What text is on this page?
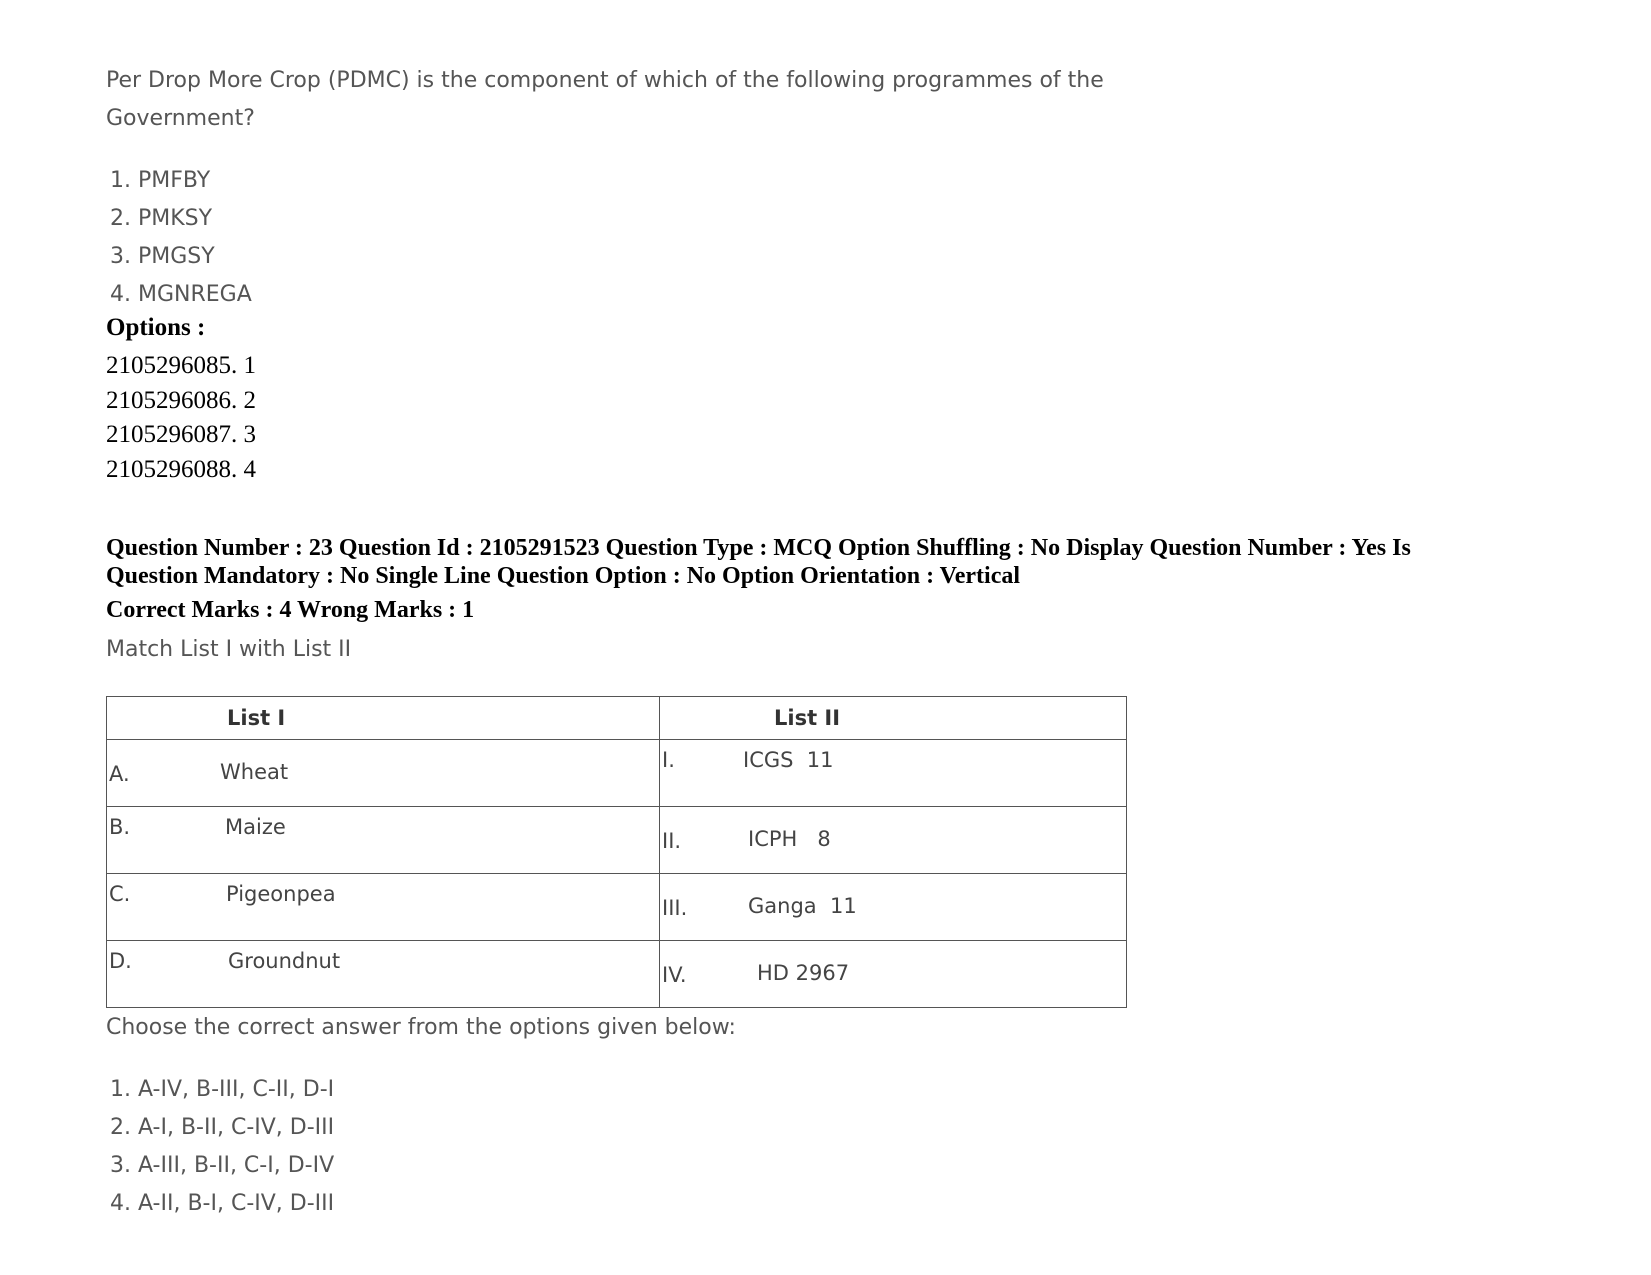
Per Drop More Crop (PDMC) is the component of which of the following programmes of the
Government?
1. PMFBY
2. PMKSY
3. PMGSY
4. MGNREGA
Options :
2105296085. 1
2105296086. 2
2105296087. 3
2105296088. 4
Question Number : 23 Question Id : 2105291523 Question Type : MCQ Option Shuffling : No Display Question Number : Yes Is
Question Mandatory : No Single Line Question Option : No Option Orientation : Vertical
Correct Marks : 4 Wrong Marks : 1
Match List I with List II
List I	List II

A. Wheat	I. ICGS  11

B. Maize	II. ICPH   8

C. Pigeonpea	III. Ganga  11

D. Groundnut	IV. HD 2967
Choose the correct answer from the options given below:
1. A-IV, B-III, C-II, D-I
2. A-I, B-II, C-IV, D-III
3. A-III, B-II, C-I, D-IV
4. A-II, B-I, C-IV, D-III
